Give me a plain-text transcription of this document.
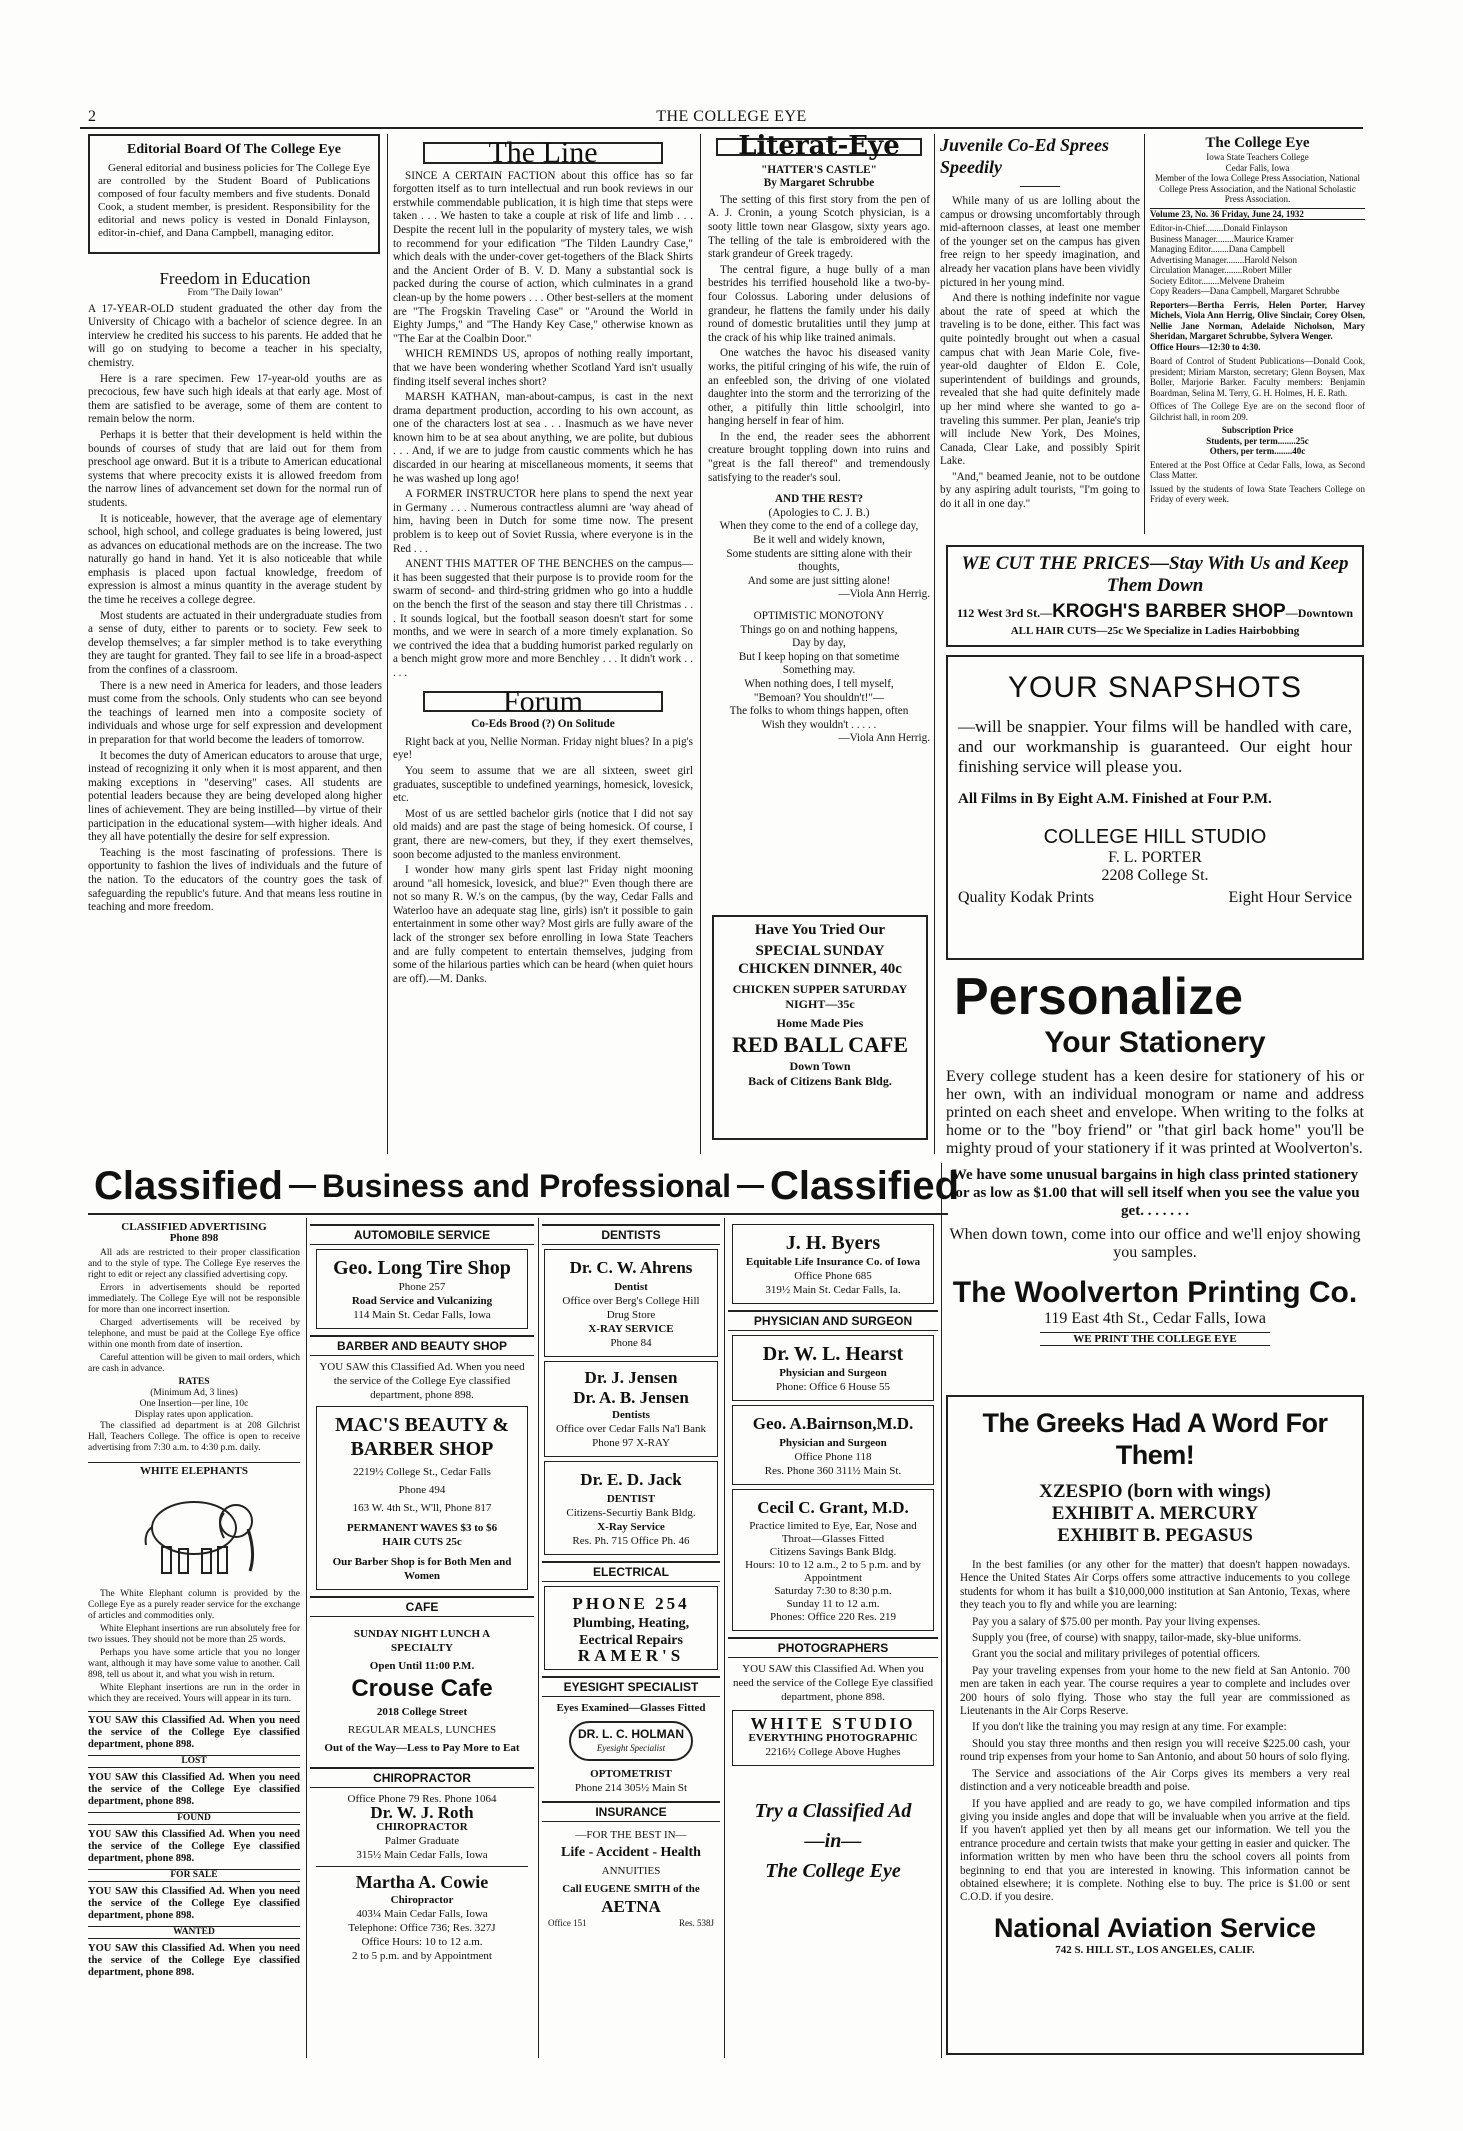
2	THE COLLEGE EYE
Editorial Board Of The College Eye
General editorial and business policies for The College Eye are controlled by the Student Board of Publications composed of four faculty members and five students. Donald Cook, a student member, is president. Responsibility for the editorial and news policy is vested in Donald Finlayson, editor-in-chief, and Dana Campbell, managing editor.
Freedom in Education
From "The Daily Iowan"

A 17-YEAR-OLD student graduated the other day from the University of Chicago with a bachelor of science degree. In an interview he credited his success to his parents. He added that he will go on studying to become a teacher in his specialty, chemistry.

Here is a rare specimen. Few 17-year-old youths are as precocious, few have such high ideals at that early age. Most of them are satisfied to be average, some of them are content to remain below the norm.

Perhaps it is better that their development is held within the bounds of courses of study that are laid out for them from preschool age onward. But it is a tribute to American educational systems that where precocity exists it is allowed freedom from the narrow lines of advancement set down for the normal run of students.

It is noticeable, however, that the average age of elementary school, high school, and college graduates is being lowered, just as advances on educational methods are on the increase. The two naturally go hand in hand. Yet it is also noticeable that while emphasis is placed upon factual knowledge, freedom of expression is almost a minus quantity in the average student by the time he receives a college degree.

Most students are actuated in their undergraduate studies from a sense of duty, either to parents or to society. Few seek to develop themselves; a far simpler method is to take everything they are taught for granted. They fail to see life in a broad-aspect from the confines of a classroom.

There is a new need in America for leaders, and those leaders must come from the schools. Only students who can see beyond the teachings of learned men into a composite society of individuals and whose urge for self expression and development in preparation for that world become the leaders of tomorrow.

It becomes the duty of American educators to arouse that urge, instead of recognizing it only when it is most apparent, and then making exceptions in "deserving" cases. All students are potential leaders because they are being developed along higher lines of achievement. They are being instilled—by virtue of their participation in the educational system—with higher ideals. And they all have potentially the desire for self expression.

Teaching is the most fascinating of professions. There is opportunity to fashion the lives of individuals and the future of the nation. To the educators of the country goes the task of safeguarding the republic's future. And that means less routine in teaching and more freedom.

The Line

SINCE A CERTAIN FACTION about this office has so far forgotten itself as to turn intellectual and run book reviews in our erstwhile commendable publication, it is high time that steps were taken . . . We hasten to take a couple at risk of life and limb . . . Despite the recent lull in the popularity of mystery tales, we wish to recommend for your edification "The Tilden Laundry Case," which deals with the under-cover get-togethers of the Black Shirts and the Ancient Order of B. V. D. Many a substantial sock is packed during the course of action, which culminates in a grand clean-up by the home powers . . . Other best-sellers at the moment are "The Frogskin Traveling Case" or "Around the World in Eighty Jumps," and "The Handy Key Case," otherwise known as "The Ear at the Coalbin Door."

WHICH REMINDS US, apropos of nothing really important, that we have been wondering whether Scotland Yard isn't usually finding itself several inches short?

MARSH KATHAN, man-about-campus, is cast in the next drama department production, according to his own account, as one of the characters lost at sea . . . Inasmuch as we have never known him to be at sea about anything, we are polite, but dubious . . . And, if we are to judge from caustic comments which he has discarded in our hearing at miscellaneous moments, it seems that he was washed up long ago!

A FORMER INSTRUCTOR here plans to spend the next year in Germany . . . Numerous contractless alumni are 'way ahead of him, having been in Dutch for some time now. The present problem is to keep out of Soviet Russia, where everyone is in the Red . . .

ANENT THIS MATTER OF THE BENCHES on the campus—it has been suggested that their purpose is to provide room for the swarm of second- and third-string gridmen who go into a huddle on the bench the first of the season and stay there till Christmas . . . It sounds logical, but the football season doesn't start for some months, and we were in search of a more timely explanation. So we contrived the idea that a budding humorist parked regularly on a bench might grow more and more Benchley . . . It didn't work . . . . .

Forum
Co-Eds Brood (?) On Solitude

Right back at you, Nellie Norman. Friday night blues? In a pig's eye!

You seem to assume that we are all sixteen, sweet girl graduates, susceptible to undefined yearnings, homesick, lovesick, etc.

Most of us are settled bachelor girls (notice that I did not say old maids) and are past the stage of being homesick. Of course, I grant, there are new-comers, but they, if they exert themselves, soon become adjusted to the manless environment.

I wonder how many girls spent last Friday night mooning around "all homesick, lovesick, and blue?" Even though there are not so many R. W.'s on the campus, (by the way, Cedar Falls and Waterloo have an adequate stag line, girls) isn't it possible to gain entertainment in some other way? Most girls are fully aware of the lack of the stronger sex before enrolling in Iowa State Teachers and are fully competent to entertain themselves, judging from some of the hilarious parties which can be heard (when quiet hours are off).—M. Danks.

Literat-Eye
"HATTER'S CASTLE"
By Margaret Schrubbe

The setting of this first story from the pen of A. J. Cronin, a young Scotch physician, is a sooty little town near Glasgow, sixty years ago. The telling of the tale is embroidered with the stark grandeur of Greek tragedy.

The central figure, a huge bully of a man bestrides his terrified household like a two-by-four Colossus. Laboring under delusions of grandeur, he flattens the family under his daily round of domestic brutalities until they jump at the crack of his whip like trained animals.

One watches the havoc his diseased vanity works, the pitiful cringing of his wife, the ruin of an enfeebled son, the driving of one violated daughter into the storm and the terrorizing of the other, a pitifully thin little schoolgirl, into hanging herself in fear of him.

In the end, the reader sees the abhorrent creature brought toppling down into ruins and "great is the fall thereof" and tremendously satisfying to the reader's soul.

AND THE REST?
(Apologies to C. J. B.)
When they come to the end of a college day,
Be it well and widely known,
Some students are sitting alone with their thoughts,
And some are just sitting alone!
—Viola Ann Herrig.
OPTIMISTIC MONOTONY
Things go on and nothing happens,
Day by day,
But I keep hoping on that sometime
Something may.
When nothing does, I tell myself,
"Bemoan? You shouldn't!"—
The folks to whom things happen, often
Wish they wouldn't . . . . .
—Viola Ann Herrig.
Have You Tried Our
SPECIAL SUNDAY CHICKEN DINNER, 40c
CHICKEN SUPPER SATURDAY NIGHT—35c
Home Made Pies
RED BALL CAFE
Down Town
Back of Citizens Bank Bldg.
Juvenile Co-Ed Sprees Speedily

While many of us are lolling about the campus or drowsing uncomfortably through mid-afternoon classes, at least one member of the younger set on the campus has given free reign to her speedy imagination, and already her vacation plans have been vividly pictured in her young mind.

And there is nothing indefinite nor vague about the rate of speed at which the traveling is to be done, either. This fact was quite pointedly brought out when a casual campus chat with Jean Marie Cole, five-year-old daughter of Eldon E. Cole, superintendent of buildings and grounds, revealed that she had quite definitely made up her mind where she wanted to go a-traveling this summer. Per plan, Jeanie's trip will include New York, Des Moines, Canada, Clear Lake, and possibly Spirit Lake.

"And," beamed Jeanie, not to be outdone by any aspiring adult tourists, "I'm going to do it all in one day."

The College Eye
Iowa State Teachers College
Cedar Falls, Iowa
Member of the Iowa College Press Association, National College Press Association, and the National Scholastic Press Association.
Volume 23, No. 36 Friday, June 24, 1932
Editor-in-Chief........Donald Finlayson
Business Manager........Maurice Kramer
Managing Editor........Dana Campbell
Advertising Manager........Harold Nelson
Circulation Manager........Robert Miller
Society Editor........Melvene Draheim
Copy Readers—Dana Campbell, Margaret Schrubbe
Reporters—Bertha Ferris, Helen Porter, Harvey Michels, Viola Ann Herrig, Olive Sinclair, Corey Olsen, Nellie Jane Norman, Adelaide Nicholson, Mary Sheridan, Margaret Schrubbe, Sylvera Wenger.
Office Hours—12:30 to 4:30.
Board of Control of Student Publications—Donald Cook, president; Miriam Marston, secretary; Glenn Boysen, Max Boller, Marjorie Barker. Faculty members: Benjamin Boardman, Selina M. Terry, G. H. Holmes, H. E. Rath.
Offices of The College Eye are on the second floor of Gilchrist hall, in room 209.
Subscription Price
Students, per term........25c
Others, per term........40c
Entered at the Post Office at Cedar Falls, Iowa, as Second Class Matter.
Issued by the students of Iowa State Teachers College on Friday of every week.
WE CUT THE PRICES—Stay With Us and Keep Them Down
112 West 3rd St.—KROGH'S BARBER SHOP—Downtown
ALL HAIR CUTS—25c We Specialize in Ladies Hairbobbing
YOUR SNAPSHOTS
—will be snappier. Your films will be handled with care, and our workmanship is guaranteed. Our eight hour finishing service will please you.
All Films in By Eight A.M. Finished at Four P.M.
COLLEGE HILL STUDIO
F. L. PORTER
2208 College St.
Quality Kodak Prints	Eight Hour Service
Personalize
Your Stationery
Every college student has a keen desire for stationery of his or her own, with an individual monogram or name and address printed on each sheet and envelope. When writing to the folks at home or to the "boy friend" or "that girl back home" you'll be mighty proud of your stationery if it was printed at Woolverton's.
We have some unusual bargains in high class printed stationery for as low as $1.00 that will sell itself when you see the value you get. . . . . . .
When down town, come into our office and we'll enjoy showing you samples.
The Woolverton Printing Co.
119 East 4th St., Cedar Falls, Iowa
WE PRINT THE COLLEGE EYE
The Greeks Had A Word For Them!
XZESPIO (born with wings)
EXHIBIT A. MERCURY
EXHIBIT B. PEGASUS

In the best families (or any other for the matter) that doesn't happen nowadays. Hence the United States Air Corps offers some attractive inducements to you college students for whom it has built a $10,000,000 institution at San Antonio, Texas, where they teach you to fly and while you are learning:

Pay you a salary of $75.00 per month. Pay your living expenses.

Supply you (free, of course) with snappy, tailor-made, sky-blue uniforms.

Grant you the social and military privileges of potential officers.

Pay your traveling expenses from your home to the new field at San Antonio. 700 men are taken in each year. The course requires a year to complete and includes over 200 hours of solo flying. Those who stay the full year are commissioned as Lieutenants in the Air Corps Reserve.

If you don't like the training you may resign at any time. For example:

Should you stay three months and then resign you will receive $225.00 cash, your round trip expenses from your home to San Antonio, and about 50 hours of solo flying.

The Service and associations of the Air Corps gives its members a very real distinction and a very noticeable breadth and poise.

If you have applied and are ready to go, we have compiled information and tips giving you inside angles and dope that will be invaluable when you arrive at the field. If you haven't applied yet then by all means get our information. We tell you the entrance procedure and certain twists that make your getting in easier and quicker. The information written by men who have been thru the school covers all points from beginning to end that you are interested in knowing. This information cannot be obtained elsewhere; it is complete. Nothing else to buy. The price is $1.00 or sent C.O.D. if you desire.

National Aviation Service
742 S. HILL ST., LOS ANGELES, CALIF.
Classified Business and Professional Classified
CLASSIFIED ADVERTISING
Phone 898

All ads are restricted to their proper classification and to the style of type. The College Eye reserves the right to edit or reject any classified advertising copy.

Errors in advertisements should be reported immediately. The College Eye will not be responsible for more than one incorrect insertion.

Charged advertisements will be received by telephone, and must be paid at the College Eye office within one month from date of insertion.

Careful attention will be given to mail orders, which are cash in advance.

RATES
(Minimum Ad, 3 lines)
One Insertion—per line, 10c
Display rates upon application.

The classified ad department is at 208 Gilchrist Hall, Teachers College. The office is open to receive advertising from 7:30 a.m. to 4:30 p.m. daily.

WHITE ELEPHANTS

The White Elephant column is provided by the College Eye as a purely reader service for the exchange of articles and commodities only.

White Elephant insertions are run absolutely free for two issues. They should not be more than 25 words.

Perhaps you have some article that you no longer want, although it may have some value to another. Call 898, tell us about it, and what you wish in return.

White Elephant insertions are run in the order in which they are received. Yours will appear in its turn.

YOU SAW this Classified Ad. When you need the service of the College Eye classified department, phone 898.
LOST
YOU SAW this Classified Ad. When you need the service of the College Eye classified department, phone 898.
FOUND
YOU SAW this Classified Ad. When you need the service of the College Eye classified department, phone 898.
FOR SALE
YOU SAW this Classified Ad. When you need the service of the College Eye classified department, phone 898.
WANTED
YOU SAW this Classified Ad. When you need the service of the College Eye classified department, phone 898.
AUTOMOBILE SERVICE
Geo. Long Tire Shop
Phone 257
Road Service and Vulcanizing
114 Main St. Cedar Falls, Iowa
BARBER AND BEAUTY SHOP
YOU SAW this Classified Ad. When you need the service of the College Eye classified department, phone 898.
MAC'S BEAUTY & BARBER SHOP
2219½ College St., Cedar Falls
Phone 494
163 W. 4th St., W'll, Phone 817
PERMANENT WAVES $3 to $6
HAIR CUTS 25c
Our Barber Shop is for Both Men and Women
CAFE
SUNDAY NIGHT LUNCH A SPECIALTY
Open Until 11:00 P.M.
Crouse Cafe
2018 College Street
REGULAR MEALS, LUNCHES
Out of the Way—Less to Pay More to Eat
CHIROPRACTOR
Office Phone 79 Res. Phone 1064
Dr. W. J. Roth
CHIROPRACTOR
Palmer Graduate
315½ Main Cedar Falls, Iowa
Martha A. Cowie
Chiropractor
403¼ Main Cedar Falls, Iowa
Telephone: Office 736; Res. 327J
Office Hours: 10 to 12 a.m.
2 to 5 p.m. and by Appointment
DENTISTS
Dr. C. W. Ahrens
Dentist
Office over Berg's College Hill Drug Store
X-RAY SERVICE
Phone 84
Dr. J. Jensen
Dr. A. B. Jensen
Dentists
Office over Cedar Falls Na'l Bank
Phone 97 X-RAY
Dr. E. D. Jack
DENTIST
Citizens-Securtiy Bank Bldg.
X-Ray Service
Res. Ph. 715 Office Ph. 46
ELECTRICAL
PHONE 254
Plumbing, Heating, Eectrical Repairs
RAMER'S
EYESIGHT SPECIALIST
Eyes Examined—Glasses Fitted
DR. L. C. HOLMAN
Eyesight Specialist
OPTOMETRIST
Phone 214 305½ Main St
INSURANCE
—FOR THE BEST IN—
Life - Accident - Health
ANNUITIES
Call EUGENE SMITH of the
AETNA
Office 151	Res. 538J
J. H. Byers
Equitable Life Insurance Co. of Iowa
Office Phone 685
319½ Main St. Cedar Falls, Ia.
PHYSICIAN AND SURGEON
Dr. W. L. Hearst
Physician and Surgeon
Phone: Office 6 House 55
Geo. A.Bairnson,M.D.
Physician and Surgeon
Office Phone 118
Res. Phone 360 311½ Main St.
Cecil C. Grant, M.D.
Practice limited to Eye, Ear, Nose and Throat—Glasses Fitted
Citizens Savings Bank Bldg.
Hours: 10 to 12 a.m., 2 to 5 p.m. and by Appointment
Saturday 7:30 to 8:30 p.m.
Sunday 11 to 12 a.m.
Phones: Office 220 Res. 219
PHOTOGRAPHERS
YOU SAW this Classified Ad. When you need the service of the College Eye classified department, phone 898.
WHITE STUDIO
EVERYTHING PHOTOGRAPHIC
2216½ College Above Hughes
Try a Classified Ad
—in—
The College Eye
